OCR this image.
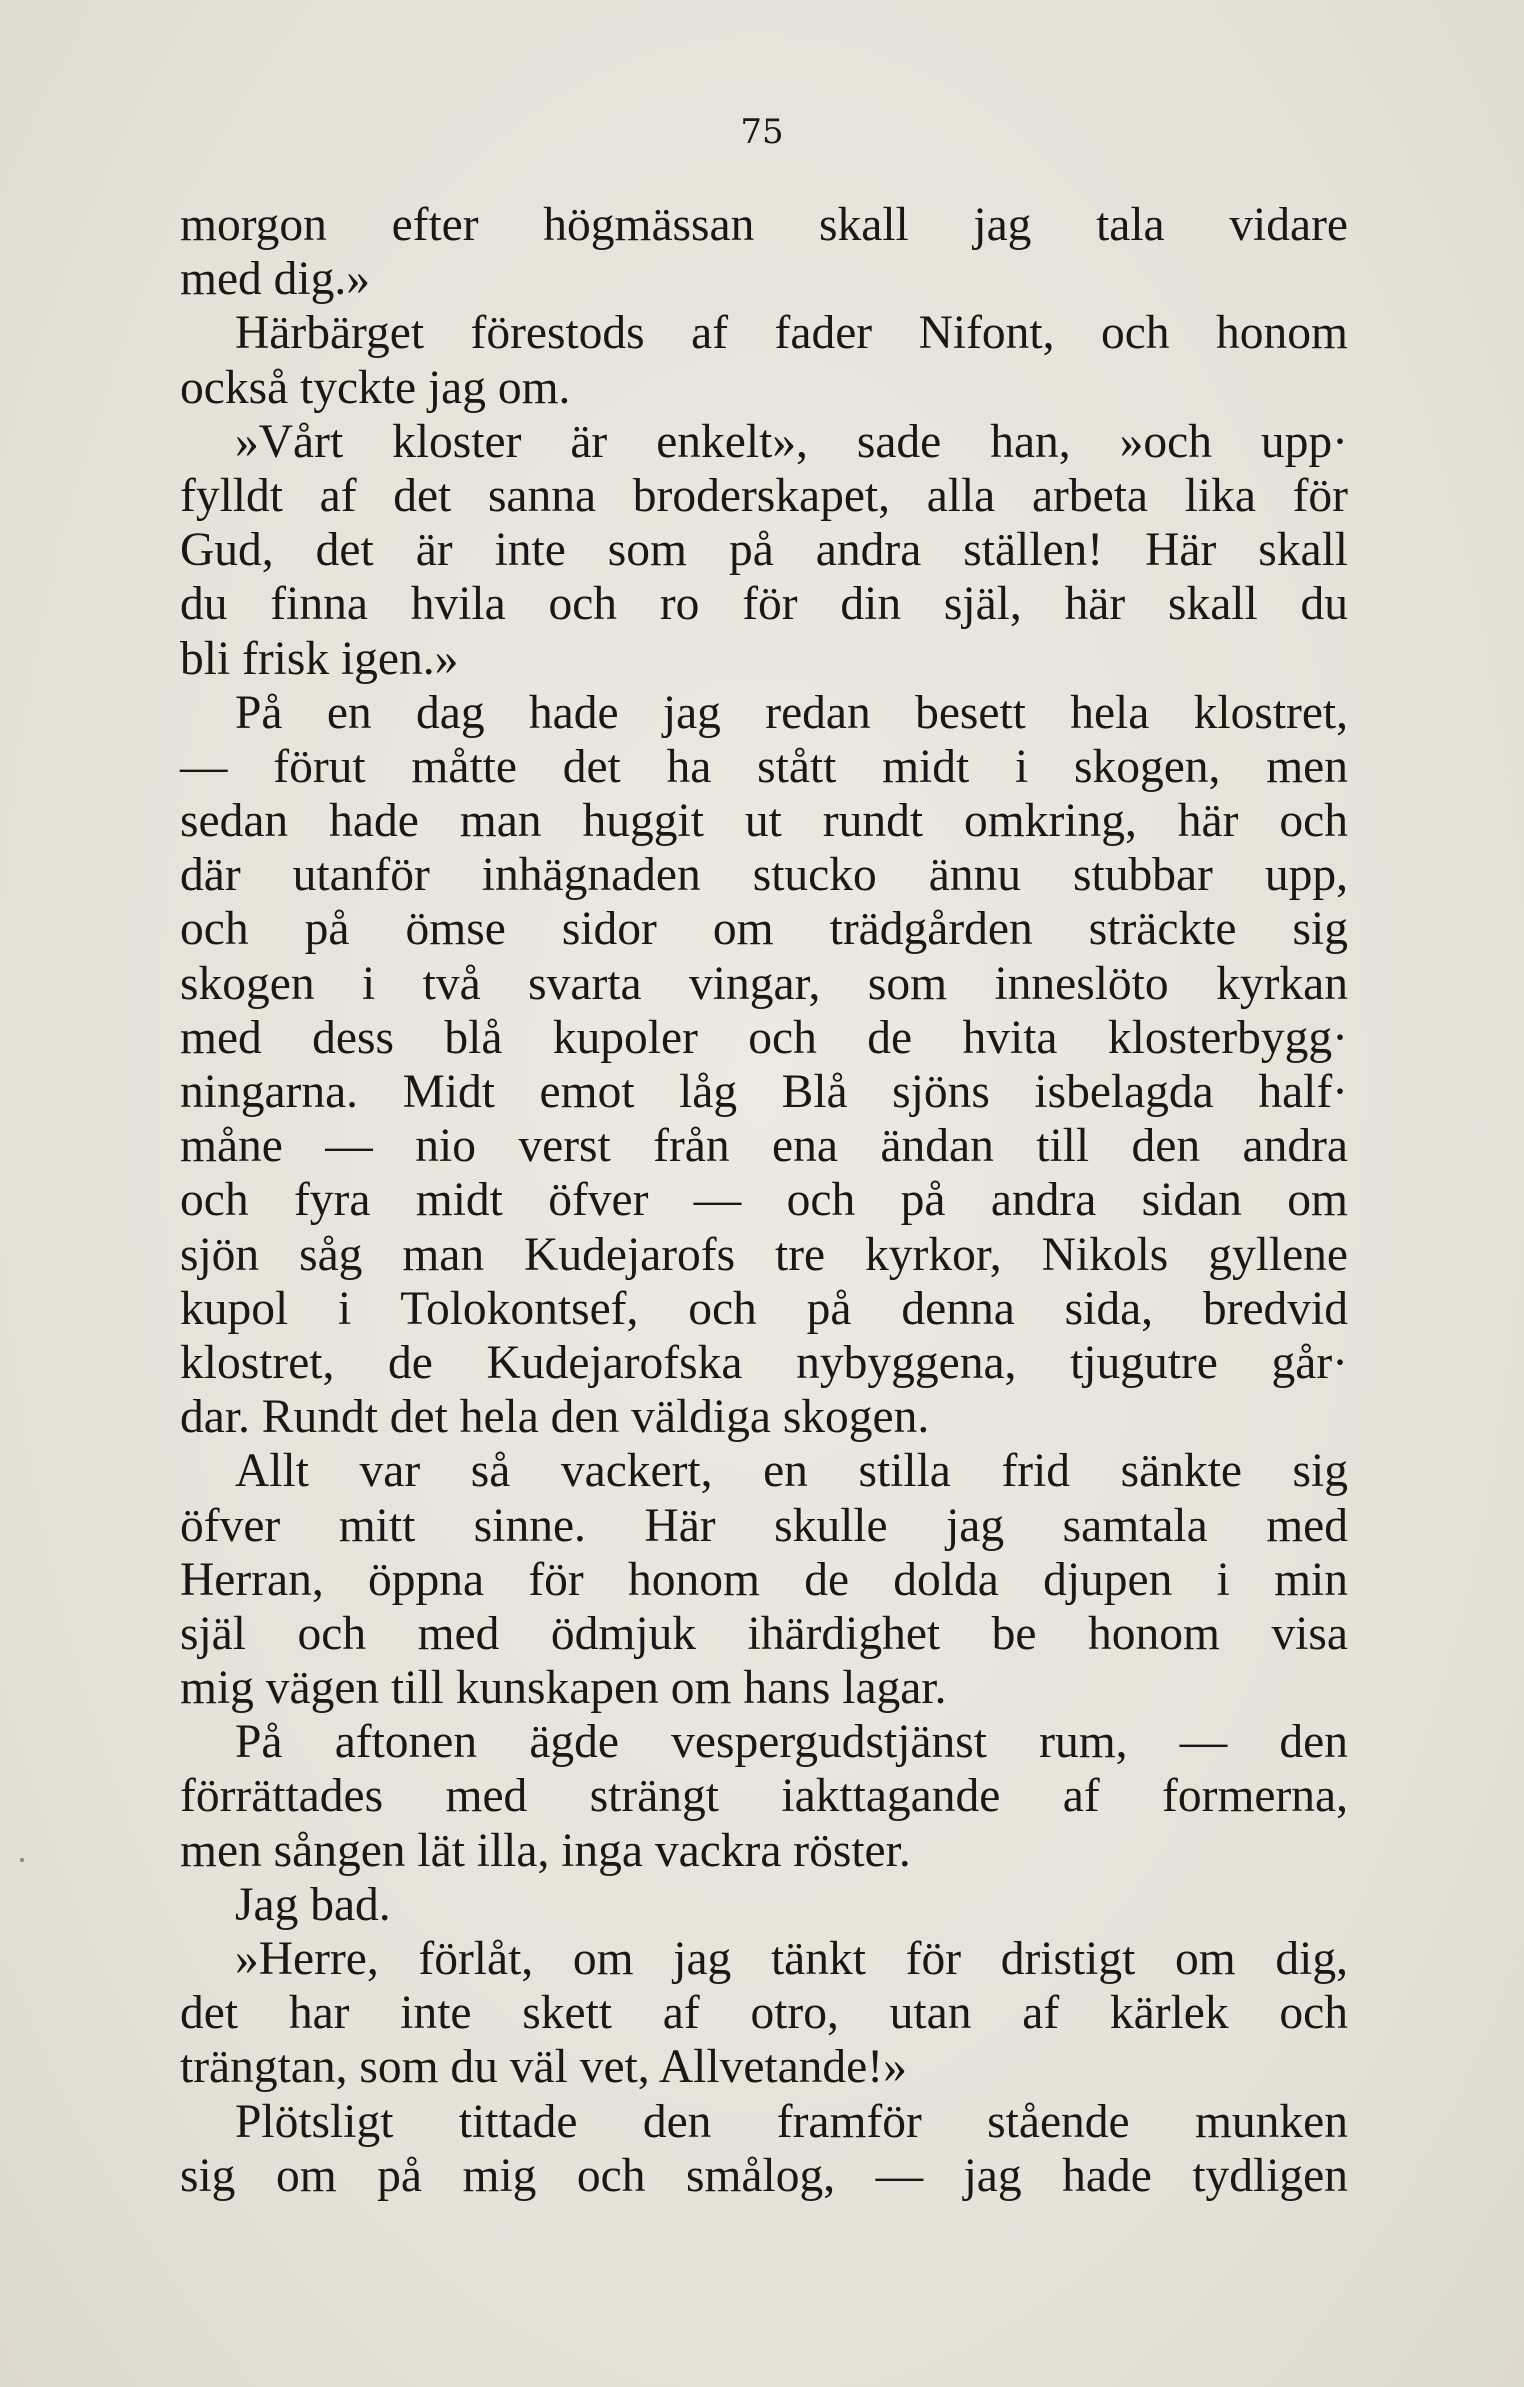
75
morgon efter högmässan skall jag tala vidare
med dig.»
Härbärget förestods af fader Nifont, och honom
också tyckte jag om.
»Vårt kloster är enkelt», sade han, »och upp·
fylldt af det sanna broderskapet, alla arbeta lika för
Gud, det är inte som på andra ställen! Här skall
du finna hvila och ro för din själ, här skall du
bli frisk igen.»
På en dag hade jag redan besett hela klostret,
— förut måtte det ha stått midt i skogen, men
sedan hade man huggit ut rundt omkring, här och
där utanför inhägnaden stucko ännu stubbar upp,
och på ömse sidor om trädgården sträckte sig
skogen i två svarta vingar, som inneslöto kyrkan
med dess blå kupoler och de hvita klosterbygg·
ningarna. Midt emot låg Blå sjöns isbelagda half·
måne — nio verst från ena ändan till den andra
och fyra midt öfver — och på andra sidan om
sjön såg man Kudejarofs tre kyrkor, Nikols gyllene
kupol i Tolokontsef, och på denna sida, bredvid
klostret, de Kudejarofska nybyggena, tjugutre går·
dar. Rundt det hela den väldiga skogen.
Allt var så vackert, en stilla frid sänkte sig
öfver mitt sinne. Här skulle jag samtala med
Herran, öppna för honom de dolda djupen i min
själ och med ödmjuk ihärdighet be honom visa
mig vägen till kunskapen om hans lagar.
På aftonen ägde vespergudstjänst rum, — den
förrättades med strängt iakttagande af formerna,
men sången lät illa, inga vackra röster.
Jag bad.
»Herre, förlåt, om jag tänkt för dristigt om dig,
det har inte skett af otro, utan af kärlek och
trängtan, som du väl vet, Allvetande!»
Plötsligt tittade den framför stående munken
sig om på mig och smålog, — jag hade tydligen
